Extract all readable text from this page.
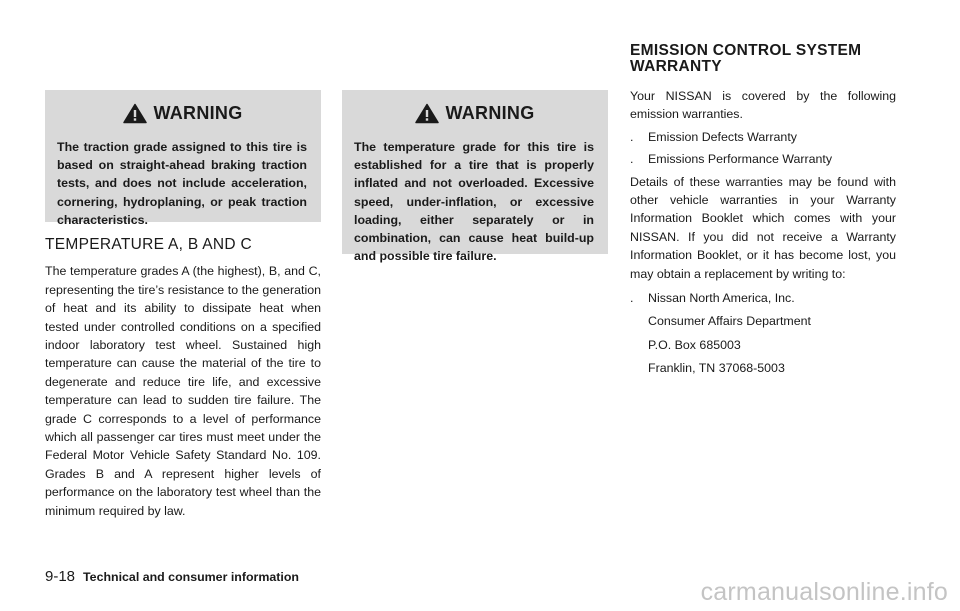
WARNING
The traction grade assigned to this tire is based on straight-ahead braking traction tests, and does not include acceleration, cornering, hydroplaning, or peak traction characteristics.
TEMPERATURE A, B AND C
The temperature grades A (the highest), B, and C, representing the tire’s resistance to the generation of heat and its ability to dissipate heat when tested under controlled conditions on a specified indoor laboratory test wheel. Sustained high temperature can cause the material of the tire to degenerate and reduce tire life, and excessive temperature can lead to sudden tire failure. The grade C corresponds to a level of performance which all passenger car tires must meet under the Federal Motor Vehicle Safety Standard No. 109. Grades B and A represent higher levels of performance on the laboratory test wheel than the minimum required by law.
WARNING
The temperature grade for this tire is established for a tire that is properly inflated and not overloaded. Excessive speed, under-inflation, or excessive loading, either separately or in combination, can cause heat build-up and possible tire failure.
EMISSION CONTROL SYSTEM
WARRANTY

Your NISSAN is covered by the following emission warranties.

.	Emission Defects Warranty
.	Emissions Performance Warranty

Details of these warranties may be found with other vehicle warranties in your Warranty Information Booklet which comes with your NISSAN. If you did not receive a Warranty Information Booklet, or it has become lost, you may obtain a replacement by writing to:

.	Nissan North America, Inc.
Consumer Affairs Department
P.O. Box 685003
Franklin, TN 37068-5003
9-18 Technical and consumer information
carmanualsonline.info
